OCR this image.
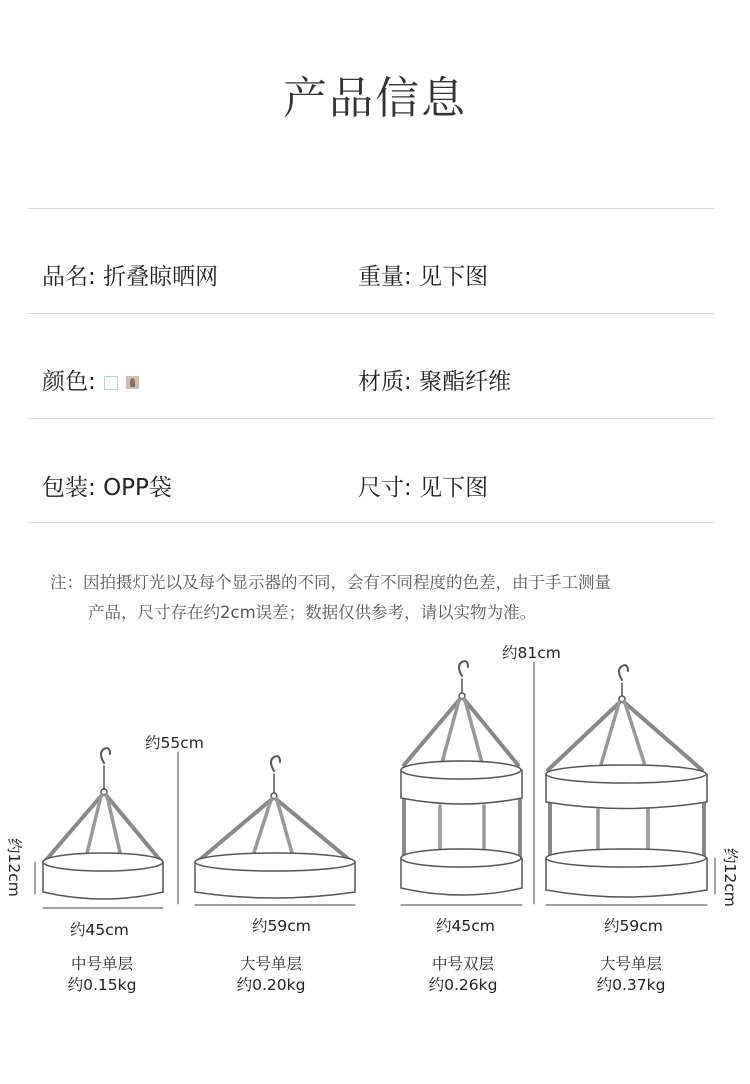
产品信息
品名: 折叠晾晒网	重量: 见下图
颜色:	材质: 聚酯纤维
包装: OPP袋	尺寸: 见下图
注：因拍摄灯光以及每个显示器的不同，会有不同程度的色差，由于手工测量
产品，尺寸存在约2cm误差；数据仅供参考，请以实物为准。
约55cm
约81cm
约12cm	约12cm
约45cm	约59cm	约45cm	约59cm
中号单层
约0.15kg
大号单层
约0.20kg
中号双层
约0.26kg
大号单层
约0.37kg
